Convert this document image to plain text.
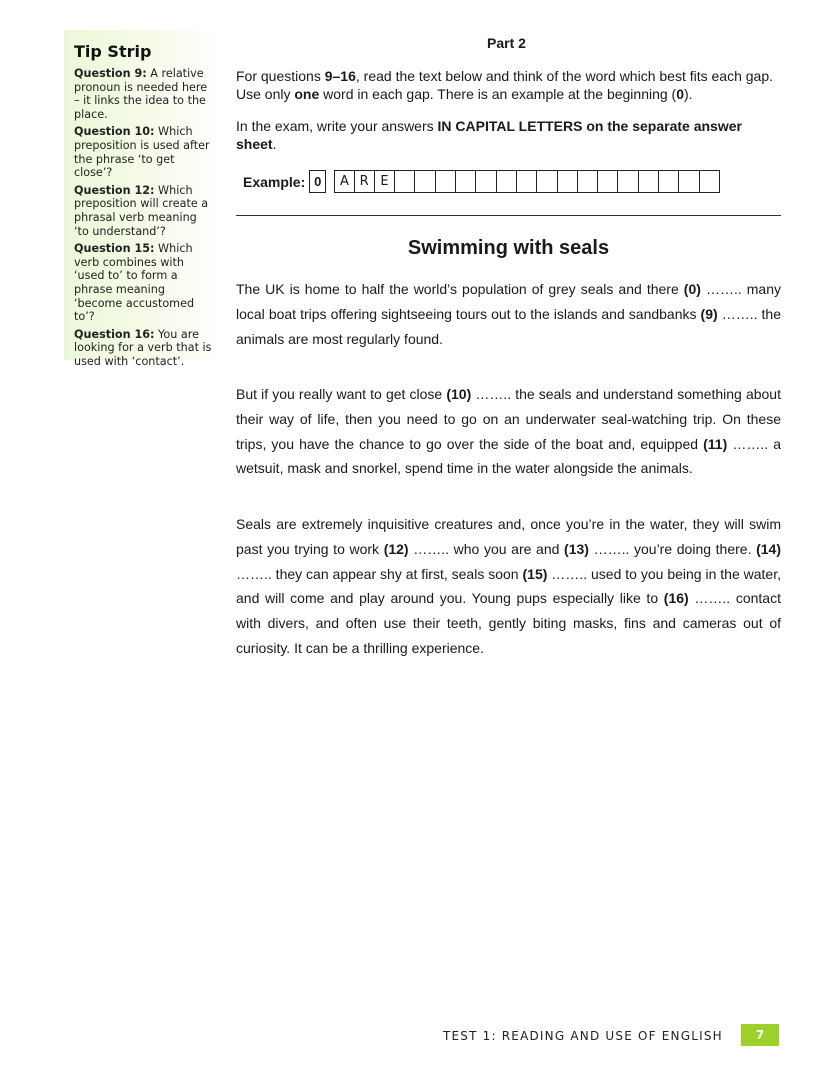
Tip Strip
Question 9: A relative pronoun is needed here – it links the idea to the place.
Question 10: Which preposition is used after the phrase ‘to get close’?
Question 12: Which preposition will create a phrasal verb meaning ‘to understand’?
Question 15: Which verb combines with ‘used to’ to form a phrase meaning ‘become accustomed to’?
Question 16: You are looking for a verb that is used with ‘contact’.
Part 2
For questions 9–16, read the text below and think of the word which best fits each gap. Use only one word in each gap. There is an example at the beginning (0).
In the exam, write your answers IN CAPITAL LETTERS on the separate answer sheet.
Example: 0	A R E
Swimming with seals

The UK is home to half the world’s population of grey seals and there (0) …….. many local boat trips offering sightseeing tours out to the islands and sandbanks (9) …….. the animals are most regularly found.

But if you really want to get close (10) …….. the seals and understand something about their way of life, then you need to go on an underwater seal-watching trip. On these trips, you have the chance to go over the side of the boat and, equipped (11) …….. a wetsuit, mask and snorkel, spend time in the water alongside the animals.

Seals are extremely inquisitive creatures and, once you’re in the water, they will swim past you trying to work (12) …….. who you are and (13) …….. you’re doing there. (14) …….. they can appear shy at first, seals soon (15) …….. used to you being in the water, and will come and play around you. Young pups especially like to (16) …….. contact with divers, and often use their teeth, gently biting masks, fins and cameras out of curiosity. It can be a thrilling experience.

TEST 1: READING AND USE OF ENGLISH	7
